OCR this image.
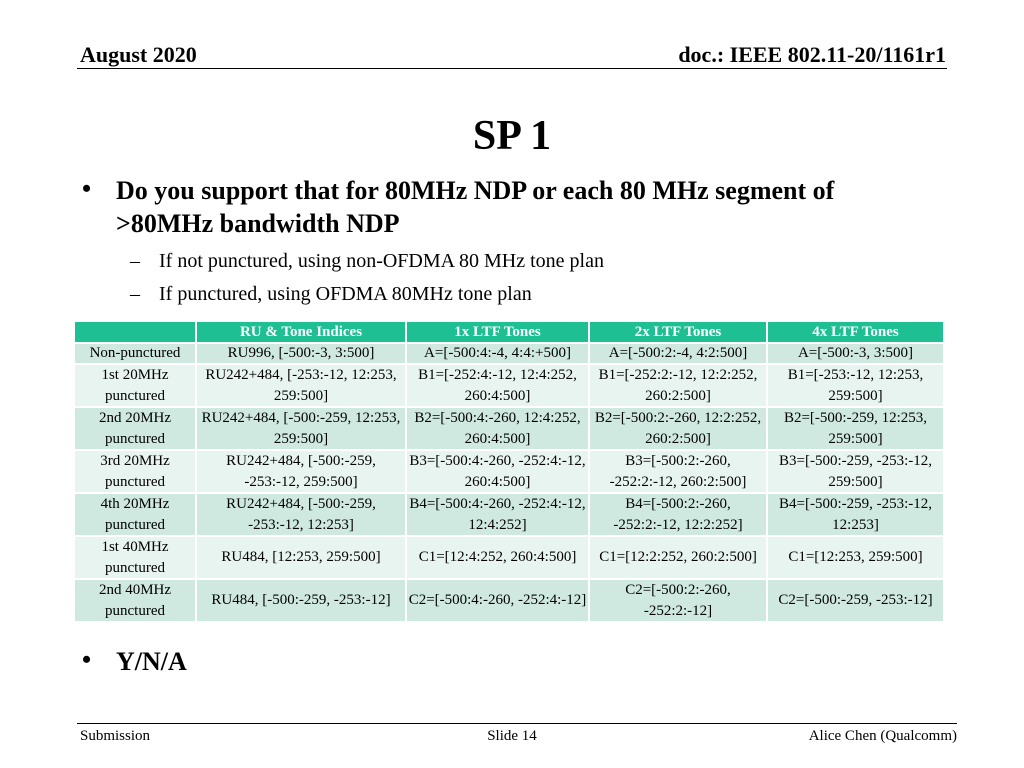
August 2020	doc.: IEEE 802.11-20/1161r1
SP 1
• Do you support that for 80MHz NDP or each 80 MHz segment of >80MHz bandwidth NDP
– If not punctured, using non-OFDMA 80 MHz tone plan
– If punctured, using OFDMA 80MHz tone plan
	RU & Tone Indices	1x LTF Tones	2x LTF Tones	4x LTF Tones
Non-punctured	RU996, [-500:-3, 3:500]	A=[-500:4:-4, 4:4:+500]	A=[-500:2:-4, 4:2:500]	A=[-500:-3, 3:500]
1st 20MHz punctured	RU242+484, [-253:-12, 12:253, 259:500]	B1=[-252:4:-12, 12:4:252, 260:4:500]	B1=[-252:2:-12, 12:2:252, 260:2:500]	B1=[-253:-12, 12:253, 259:500]
2nd 20MHz punctured	RU242+484, [-500:-259, 12:253, 259:500]	B2=[-500:4:-260, 12:4:252, 260:4:500]	B2=[-500:2:-260, 12:2:252, 260:2:500]	B2=[-500:-259, 12:253, 259:500]
3rd 20MHz punctured	RU242+484, [-500:-259, -253:-12, 259:500]	B3=[-500:4:-260, -252:4:-12, 260:4:500]	B3=[-500:2:-260, -252:2:-12, 260:2:500]	B3=[-500:-259, -253:-12, 259:500]
4th 20MHz punctured	RU242+484, [-500:-259, -253:-12, 12:253]	B4=[-500:4:-260, -252:4:-12, 12:4:252]	B4=[-500:2:-260, -252:2:-12, 12:2:252]	B4=[-500:-259, -253:-12, 12:253]
1st 40MHz punctured	RU484, [12:253, 259:500]	C1=[12:4:252, 260:4:500]	C1=[12:2:252, 260:2:500]	C1=[12:253, 259:500]
2nd 40MHz punctured	RU484, [-500:-259, -253:-12]	C2=[-500:4:-260, -252:4:-12]	C2=[-500:2:-260, -252:2:-12]	C2=[-500:-259, -253:-12]
• Y/N/A
Submission	Slide 14	Alice Chen (Qualcomm)
